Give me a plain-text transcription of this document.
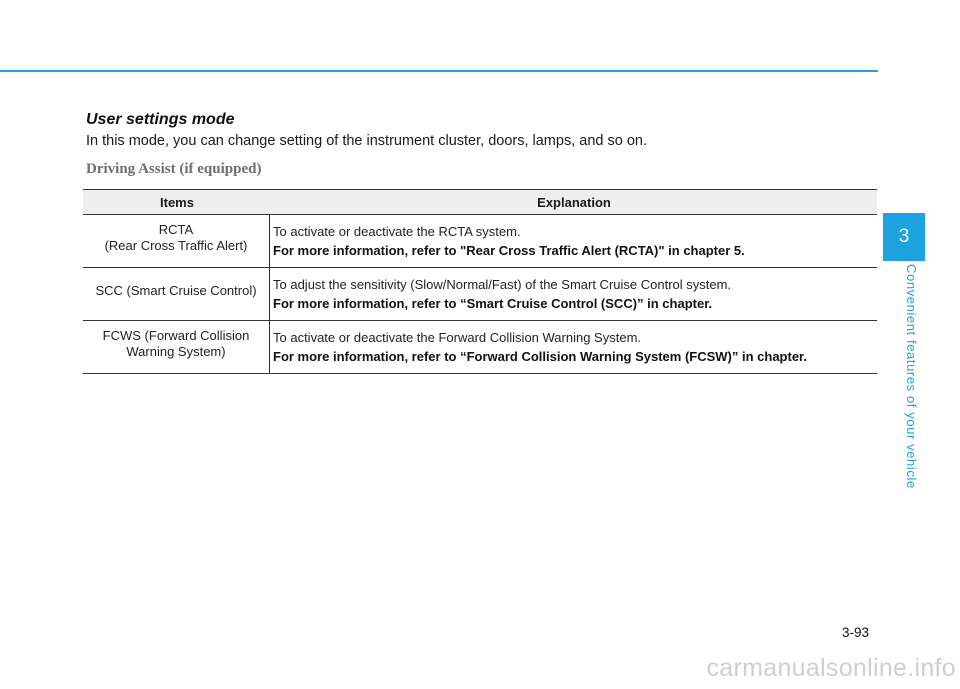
User settings mode

In this mode, you can change setting of the instrument cluster, doors, lamps, and so on.

Driving Assist (if equipped)
Items	Explanation
RCTA
(Rear Cross Traffic Alert)
To activate or deactivate the RCTA system.
For more information, refer to "Rear Cross Traffic Alert (RCTA)" in chapter 5.
SCC (Smart Cruise Control) To adjust the sensitivity (Slow/Normal/Fast) of the Smart Cruise Control system.
For more information, refer to “Smart Cruise Control (SCC)” in chapter.
FCWS (Forward Collision
Warning System)
To activate or deactivate the Forward Collision Warning System.
For more information, refer to “Forward Collision Warning System (FCSW)” in chapter.
3
Convenient features of your vehicle
3-93
carmanualsonline.info
